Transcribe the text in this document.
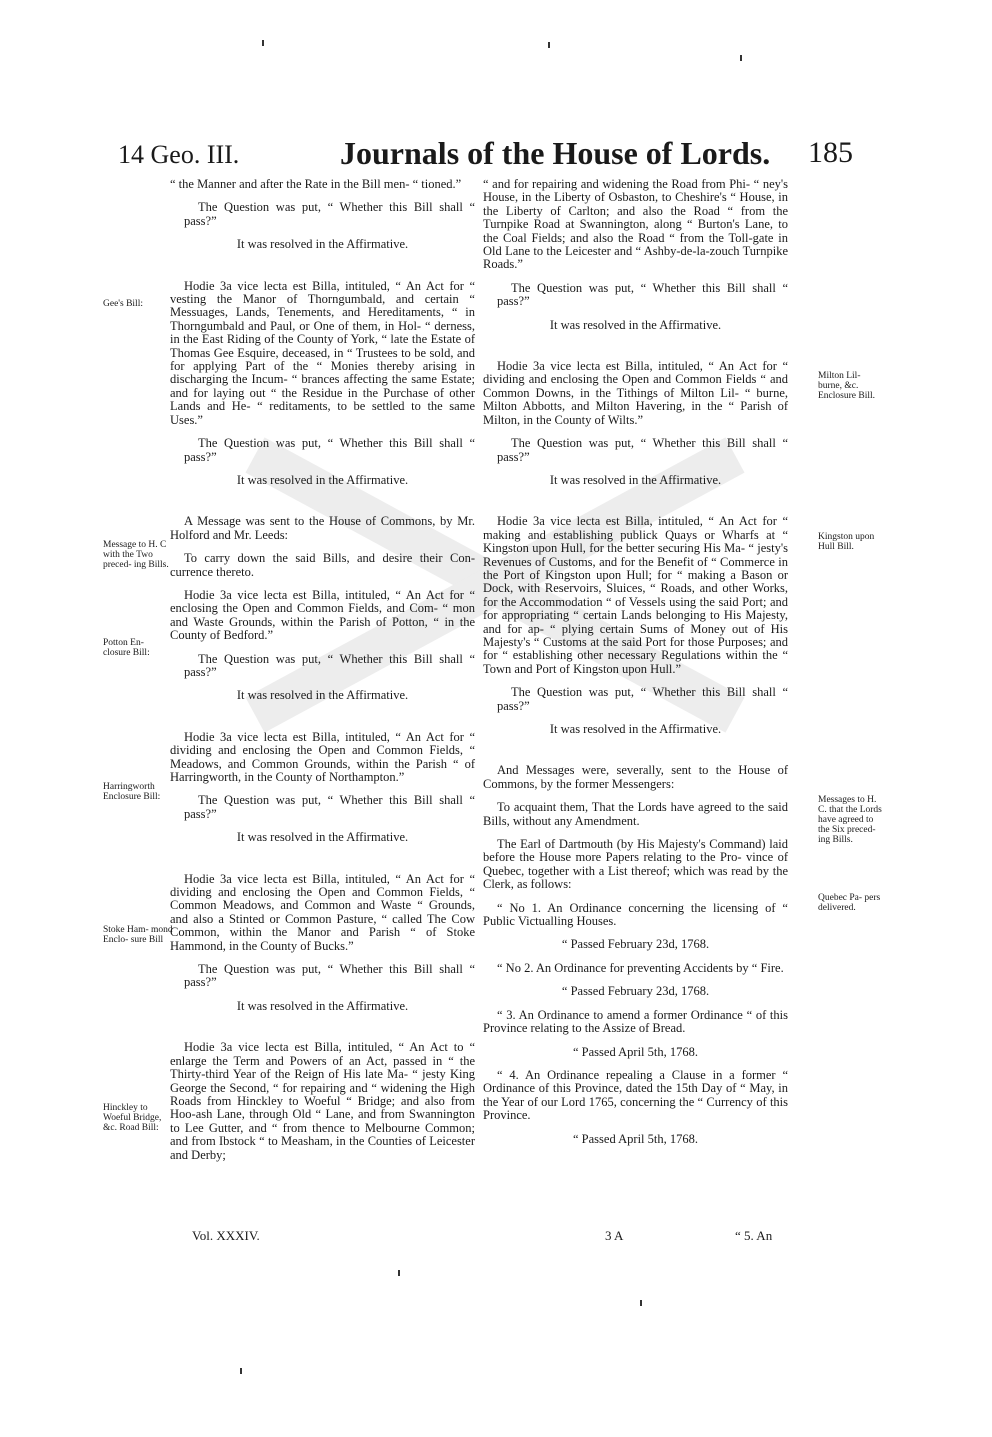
14 Geo. III.	Journals of the House of Lords. 185
Gee's Bill:
Message to H. C with the Two preced- ing Bills.
Potton En- closure Bill:
Harringworth Enclosure Bill:
Stoke Ham- mond Enclo- sure Bill
Hinckley to Woeful Bridge, &c. Road Bill:
Milton Lil- burne, &c. Enclosure Bill.
Kingston upon Hull Bill.
Messages to H. C. that the Lords have agreed to the Six preced- ing Bills.
Quebec Pa- pers delivered.

“ the Manner and after the Rate in the Bill men- “ tioned.”

The Question was put, “ Whether this Bill shall “ pass?”

It was resolved in the Affirmative.

Hodie 3a vice lecta est Billa, intituled, “ An Act for “ vesting the Manor of Thorngumbald, and certain “ Messuages, Lands, Tenements, and Hereditaments, “ in Thorngumbald and Paul, or One of them, in Hol- “ derness, in the East Riding of the County of York, “ late the Estate of Thomas Gee Esquire, deceased, in “ Trustees to be sold, and for applying Part of the “ Monies thereby arising in discharging the Incum- “ brances affecting the same Estate; and for laying out “ the Residue in the Purchase of other Lands and He- “ reditaments, to be settled to the same Uses.”

The Question was put, “ Whether this Bill shall “ pass?”

It was resolved in the Affirmative.

A Message was sent to the House of Commons, by Mr. Holford and Mr. Leeds:

To carry down the said Bills, and desire their Con- currence thereto.

Hodie 3a vice lecta est Billa, intituled, “ An Act for “ enclosing the Open and Common Fields, and Com- “ mon and Waste Grounds, within the Parish of Potton, “ in the County of Bedford.”

The Question was put, “ Whether this Bill shall “ pass?”

It was resolved in the Affirmative.

Hodie 3a vice lecta est Billa, intituled, “ An Act for “ dividing and enclosing the Open and Common Fields, “ Meadows, and Common Grounds, within the Parish “ of Harringworth, in the County of Northampton.”

The Question was put, “ Whether this Bill shall “ pass?”

It was resolved in the Affirmative.

Hodie 3a vice lecta est Billa, intituled, “ An Act for “ dividing and enclosing the Open and Common Fields, “ Common Meadows, and Common and Waste “ Grounds, and also a Stinted or Common Pasture, “ called The Cow Common, within the Manor and Parish “ of Stoke Hammond, in the County of Bucks.”

The Question was put, “ Whether this Bill shall “ pass?”

It was resolved in the Affirmative.

Hodie 3a vice lecta est Billa, intituled, “ An Act to “ enlarge the Term and Powers of an Act, passed in “ the Thirty-third Year of the Reign of His late Ma- “ jesty King George the Second, “ for repairing and “ widening the High Roads from Hinckley to Woeful “ Bridge; and also from Hoo-ash Lane, through Old “ Lane, and from Swannington to Lee Gutter, and “ from thence to Melbourne Common; and from Ibstock “ to Measham, in the Counties of Leicester and Derby;

“ and for repairing and widening the Road from Phi- “ ney's House, in the Liberty of Osbaston, to Cheshire's “ House, in the Liberty of Carlton; and also the Road “ from the Turnpike Road at Swannington, along “ Burton's Lane, to the Coal Fields; and also the Road “ from the Toll-gate in Old Lane to the Leicester and “ Ashby-de-la-zouch Turnpike Roads.”

The Question was put, “ Whether this Bill shall “ pass?”

It was resolved in the Affirmative.

Hodie 3a vice lecta est Billa, intituled, “ An Act for “ dividing and enclosing the Open and Common Fields “ and Common Downs, in the Tithings of Milton Lil- “ burne, Milton Abbotts, and Milton Havering, in the “ Parish of Milton, in the County of Wilts.”

The Question was put, “ Whether this Bill shall “ pass?”

It was resolved in the Affirmative.

Hodie 3a vice lecta est Billa, intituled, “ An Act for “ making and establishing publick Quays or Wharfs at “ Kingston upon Hull, for the better securing His Ma- “ jesty's Revenues of Customs, and for the Benefit of “ Commerce in the Port of Kingston upon Hull; for “ making a Bason or Dock, with Reservoirs, Sluices, “ Roads, and other Works, for the Accommodation “ of Vessels using the said Port; and for appropriating “ certain Lands belonging to His Majesty, and for ap- “ plying certain Sums of Money out of His Majesty's “ Customs at the said Port for those Purposes; and for “ establishing other necessary Regulations within the “ Town and Port of Kingston upon Hull.”

The Question was put, “ Whether this Bill shall “ pass?”

It was resolved in the Affirmative.

And Messages were, severally, sent to the House of Commons, by the former Messengers:

To acquaint them, That the Lords have agreed to the said Bills, without any Amendment.

The Earl of Dartmouth (by His Majesty's Command) laid before the House more Papers relating to the Pro- vince of Quebec, together with a List thereof; which was read by the Clerk, as follows:

“ No 1. An Ordinance concerning the licensing of “ Public Victualling Houses.

“ Passed February 23d, 1768.

“ No 2. An Ordinance for preventing Accidents by “ Fire.

“ Passed February 23d, 1768.

“ 3. An Ordinance to amend a former Ordinance “ of this Province relating to the Assize of Bread.

“ Passed April 5th, 1768.

“ 4. An Ordinance repealing a Clause in a former “ Ordinance of this Province, dated the 15th Day of “ May, in the Year of our Lord 1765, concerning the “ Currency of this Province.

“ Passed April 5th, 1768.

Vol. XXXIV.	3 A	“ 5. An
